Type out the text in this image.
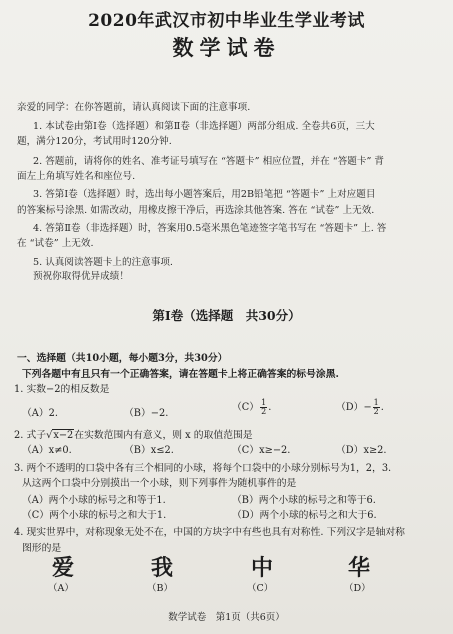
~
2020年武汉市初中毕业生学业考试
数学试卷
亲爱的同学：在你答题前，请认真阅读下面的注意事项.
1. 本试卷由第Ⅰ卷（选择题）和第Ⅱ卷（非选择题）两部分组成. 全卷共6页，三大
题，满分120分，考试用时120分钟.
2. 答题前，请将你的姓名、准考证号填写在 “答题卡” 相应位置，并在 “答题卡” 背
面左上角填写姓名和座位号.
3. 答第Ⅰ卷（选择题）时，选出每小题答案后，用2B铅笔把 “答题卡” 上对应题目
的答案标号涂黑. 如需改动，用橡皮擦干净后，再选涂其他答案. 答在 “试卷” 上无效.
4. 答第Ⅱ卷（非选择题）时，答案用0.5毫米黑色笔迹签字笔书写在 “答题卡” 上. 答
在 “试卷” 上无效.
5. 认真阅读答题卡上的注意事项.
预祝你取得优异成绩！
第Ⅰ卷（选择题　共30分）
一、选择题（共10小题，每小题3分，共30分）
下列各题中有且只有一个正确答案，请在答题卡上将正确答案的标号涂黑.
1. 实数−2的相反数是
（A）2.	（B）−2.
$(C) \frac{1}{2}$ .	$(D)- \frac{1}{2}$ .
2. 式子√x−2在实数范围内有意义，则 x 的取值范围是
（A）x≠0.	（B）x≤2.	（C）x≥−2.	（D）x≥2.
3. 两个不透明的口袋中各有三个相同的小球，将每个口袋中的小球分别标号为1，2，3.
从这两个口袋中分别摸出一个小球，则下列事件为随机事件的是
（A）两个小球的标号之和等于1.	（B）两个小球的标号之和等于6.
（C）两个小球的标号之和大于1.	（D）两个小球的标号之和大于6.
4. 现实世界中，对称现象无处不在，中国的方块字中有些也具有对称性. 下列汉字是轴对称
图形的是
爱	我	中	华
（A）	（B）	（C）	（D）
数学试卷　第1页（共6页）
